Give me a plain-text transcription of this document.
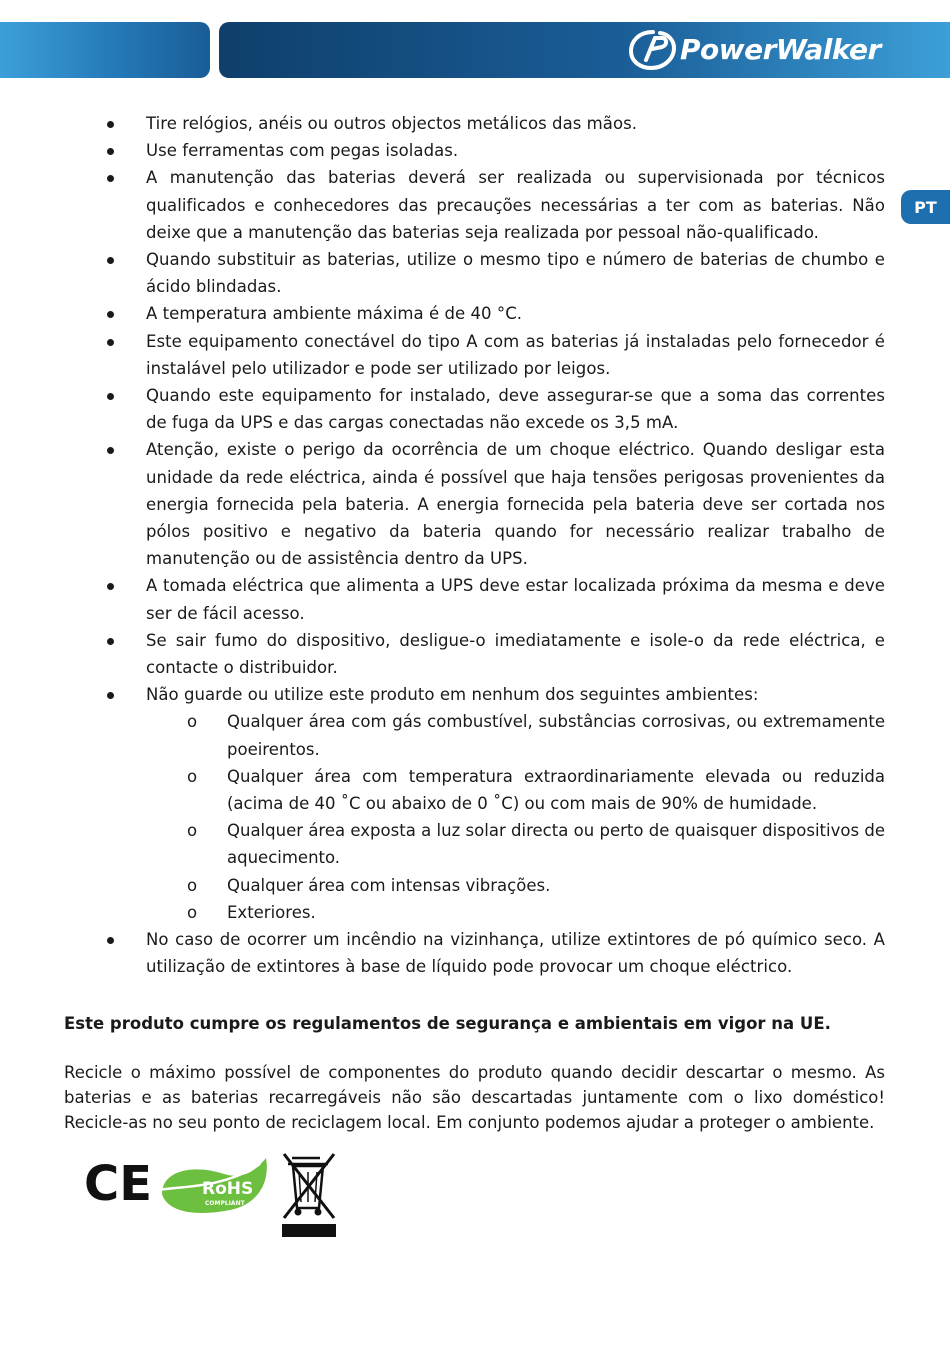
PowerWalker
PT
Tire relógios, anéis ou outros objectos metálicos das mãos.
Use ferramentas com pegas isoladas.
A manutenção das baterias deverá ser realizada ou supervisionada por técnicos qualificados e conhecedores das precauções necessárias a ter com as baterias. Não deixe que a manutenção das baterias seja realizada por pessoal não-qualificado.
Quando substituir as baterias, utilize o mesmo tipo e número de baterias de chumbo e ácido blindadas.
A temperatura ambiente máxima é de 40 °C.
Este equipamento conectável do tipo A com as baterias já instaladas pelo fornecedor é instalável pelo utilizador e pode ser utilizado por leigos.
Quando este equipamento for instalado, deve assegurar-se que a soma das correntes de fuga da UPS e das cargas conectadas não excede os 3,5 mA.
Atenção, existe o perigo da ocorrência de um choque eléctrico. Quando desligar esta unidade da rede eléctrica, ainda é possível que haja tensões perigosas provenientes da energia fornecida pela bateria. A energia fornecida pela bateria deve ser cortada nos pólos positivo e negativo da bateria quando for necessário realizar trabalho de manutenção ou de assistência dentro da UPS.
A tomada eléctrica que alimenta a UPS deve estar localizada próxima da mesma e deve ser de fácil acesso.
Se sair fumo do dispositivo, desligue-o imediatamente e isole-o da rede eléctrica, e contacte o distribuidor.
Não guarde ou utilize este produto em nenhum dos seguintes ambientes:
o Qualquer área com gás combustível, substâncias corrosivas, ou extremamente poeirentos.
o Qualquer área com temperatura extraordinariamente elevada ou reduzida (acima de 40 ˚C ou abaixo de 0 ˚C) ou com mais de 90% de humidade.
o Qualquer área exposta a luz solar directa ou perto de quaisquer dispositivos de aquecimento.
o Qualquer área com intensas vibrações.
o Exteriores.
No caso de ocorrer um incêndio na vizinhança, utilize extintores de pó químico seco. A utilização de extintores à base de líquido pode provocar um choque eléctrico.

Este produto cumpre os regulamentos de segurança e ambientais em vigor na UE.

Recicle o máximo possível de componentes do produto quando decidir descartar o mesmo. As baterias e as baterias recarregáveis não são descartadas juntamente com o lixo doméstico! Recicle-as no seu ponto de reciclagem local. Em conjunto podemos ajudar a proteger o ambiente.

CE	RoHS
COMPLIANT
